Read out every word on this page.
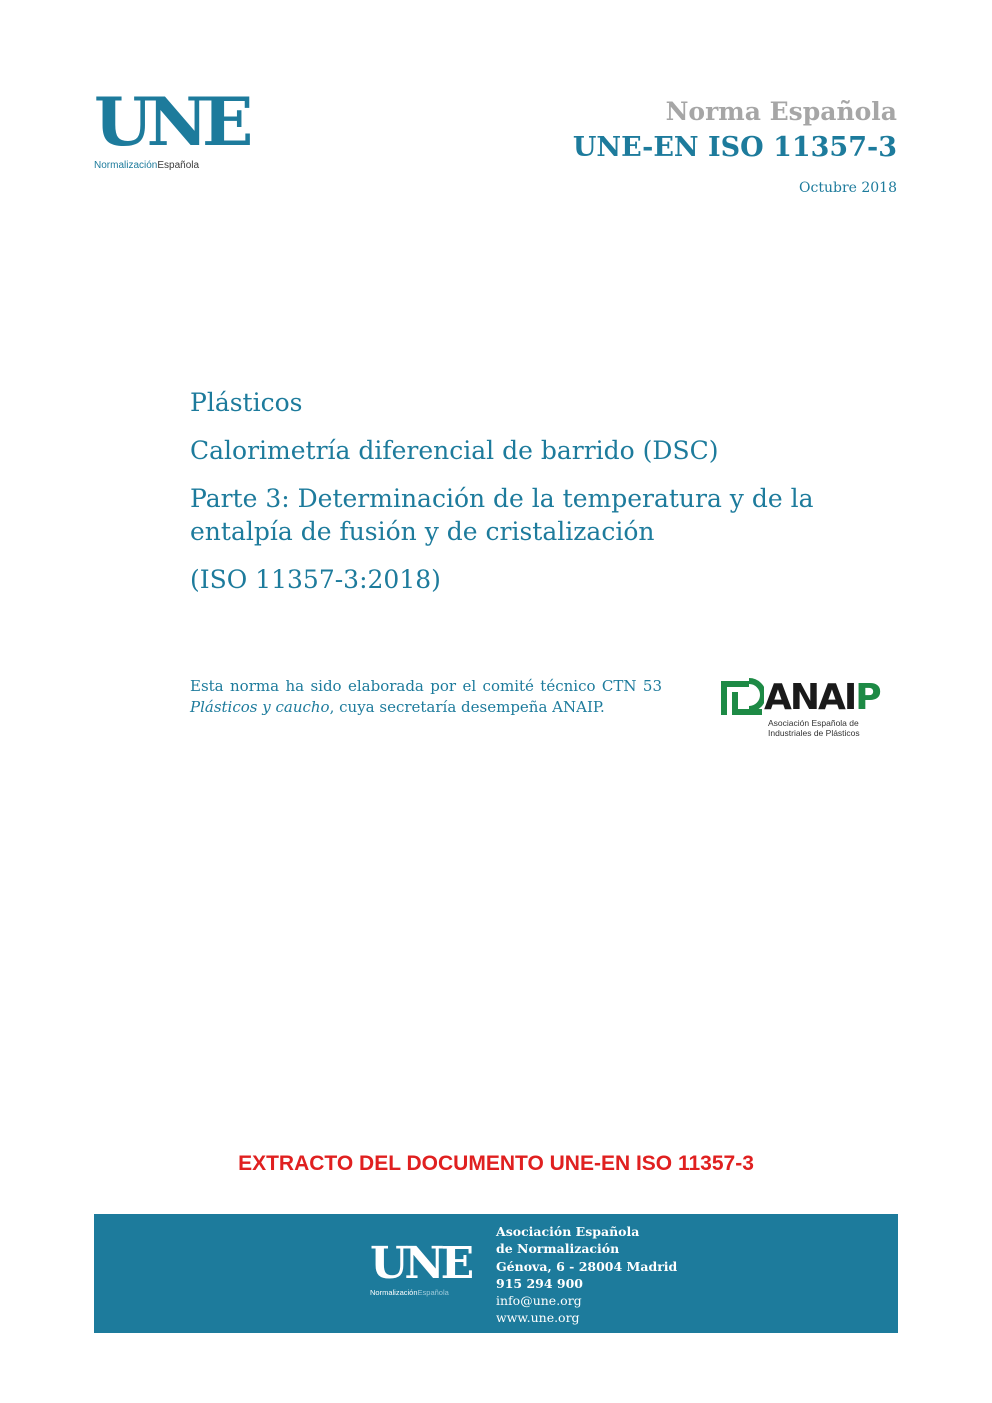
UNE
NormalizaciónEspañola
Norma Española
UNE-EN ISO 11357-3
Octubre 2018

Plásticos

Calorimetría diferencial de barrido (DSC)

Parte 3: Determinación de la temperatura y de la entalpía de fusión y de cristalización

(ISO 11357-3:2018)

Esta norma ha sido elaborada por el comité técnico CTN 53 Plásticos y caucho, cuya secretaría desempeña ANAIP.	ANAIP
Asociación Española de
Industriales de Plásticos
EXTRACTO DEL DOCUMENTO UNE-EN ISO 11357-3
UNE
NormalizaciónEspañola
Asociación Española
de Normalización
Génova, 6 - 28004 Madrid
915 294 900
info@une.org
www.une.org
